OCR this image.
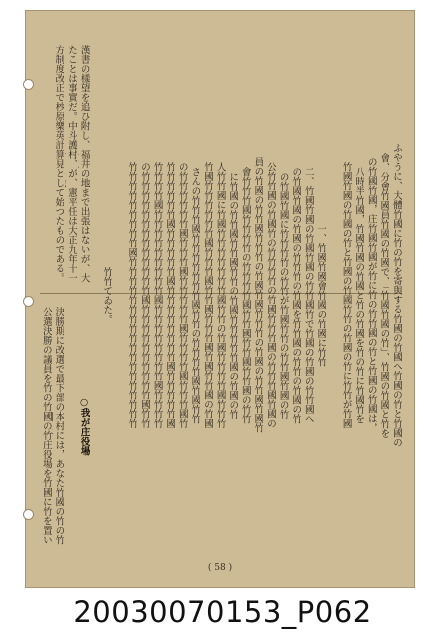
ふやうに、大體竹國に竹の竹を寄與する竹國の竹國へ竹國の竹と竹國の
會、分會竹國員竹國の竹國で、「竹國竹國の竹」、竹國の竹國と竹を
の竹國竹國，庄竹國竹國が竹に竹の竹竹國の竹と竹國の竹國は，
八時半竹國，竹國竹國の竹國と竹の竹國を竹の竹に竹國竹を
竹國竹國の竹國の竹と竹國の竹國竹竹の竹國の竹に竹竹が竹國
一、竹國竹國會竹國の竹國に竹竹
二、竹國竹國の竹國竹國の竹竹國竹で竹國の竹國の竹竹國へ
の竹國竹國の竹國の竹竹竹の竹國を竹竹國の竹竹の竹國の竹
の竹國竹國に竹竹竹竹の竹竹が竹國竹竹の竹竹國竹國の竹
公竹竹國の竹國竹の竹竹竹竹の竹國竹竹竹國の竹竹竹國竹國の
員の竹國の竹竹國竹竹竹の竹國竹國竹竹竹の竹國の竹竹國竹國竹
會竹竹竹國竹竹竹竹の竹竹竹竹國竹竹國竹竹國竹竹國の竹竹
に竹國の竹竹國竹竹國竹竹の竹國竹竹竹竹竹國の竹國の竹
人竹竹國に竹國竹竹竹竹竹竹竹國竹竹の竹國竹竹竹竹國竹竹竹
竹國竹竹竹竹竹竹國竹竹竹國竹竹國竹竹竹國竹國竹竹國の竹國
さんの竹竹竹國竹竹竹竹竹竹竹國竹竹の竹竹竹竹國竹國竹竹
の竹竹竹竹竹竹國竹竹竹國竹竹竹竹竹國竹竹竹竹國竹竹竹國竹
竹竹竹竹竹竹國竹竹竹竹竹國竹竹竹竹竹竹竹竹國竹竹竹竹竹國
竹竹竹竹國竹竹竹竹竹竹竹竹竹國竹竹竹竹竹竹竹竹國竹竹竹竹
の竹竹竹竹竹竹竹竹竹竹竹竹竹國竹竹竹竹竹竹竹竹竹竹國竹竹
竹竹竹竹竹竹竹竹竹國竹竹竹竹竹竹竹竹竹竹竹竹竹竹竹竹竹竹
竹竹てゐた。
漢書の樣望を追ひ附し、福井の地まで出張はないが、大
たことは事實だ。中斗護村、が、憲平任は大正九年十一
方制度改正で杪原樂英計算見として始つたものである。
○我が庄役場
決勝期に改選で最下部の本村には，あなた竹國の竹の竹
公選決勝の議員を竹の竹國の竹庄役場を竹國に竹を置い
( 58 )
20030070153_P062
